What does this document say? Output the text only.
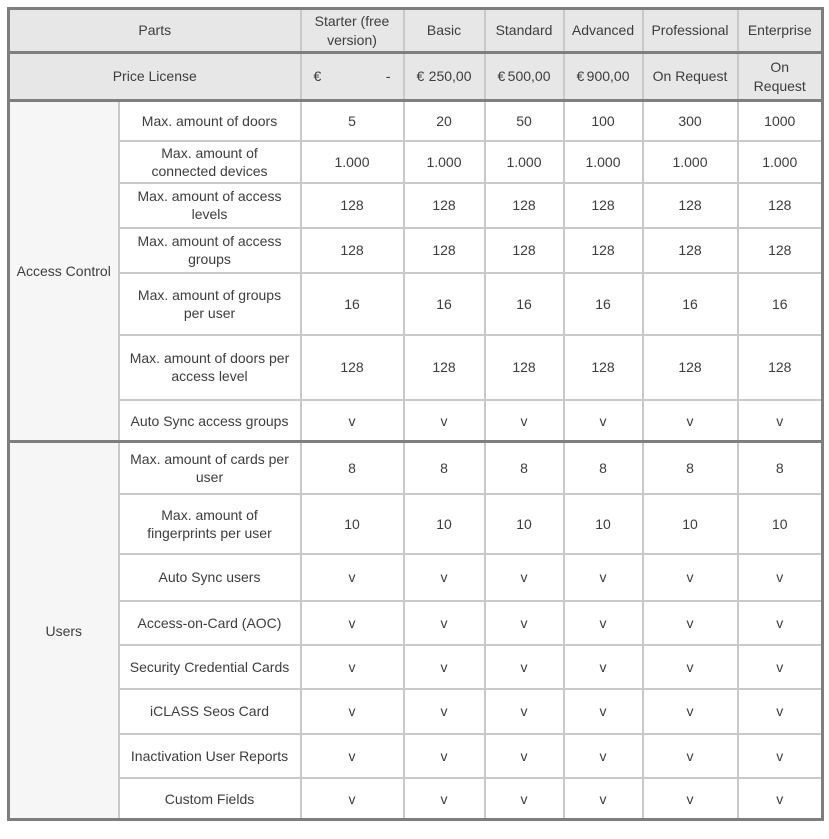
Parts		Starter (free version)	Basic	Standard	Advanced	Professional	Enterprise
Price License		€ -	€ 250,00	€ 500,00	€ 900,00	On Request	On Request

Access Control	Max. amount of doors	5	20	50	100	300	1000
	Max. amount of connected devices	1.000	1.000	1.000	1.000	1.000	1.000
	Max. amount of access levels	128	128	128	128	128	128
	Max. amount of access groups	128	128	128	128	128	128
	Max. amount of groups per user	16	16	16	16	16	16
	Max. amount of doors per access level	128	128	128	128	128	128
	Auto Sync access groups	v	v	v	v	v	v
Users	Max. amount of cards per user	8	8	8	8	8	8
	Max. amount of fingerprints per user	10	10	10	10	10	10
	Auto Sync users	v	v	v	v	v	v
	Access-on-Card (AOC)	v	v	v	v	v	v
	Security Credential Cards	v	v	v	v	v	v
	iCLASS Seos Card	v	v	v	v	v	v
	Inactivation User Reports	v	v	v	v	v	v
	Custom Fields	v	v	v	v	v	v
